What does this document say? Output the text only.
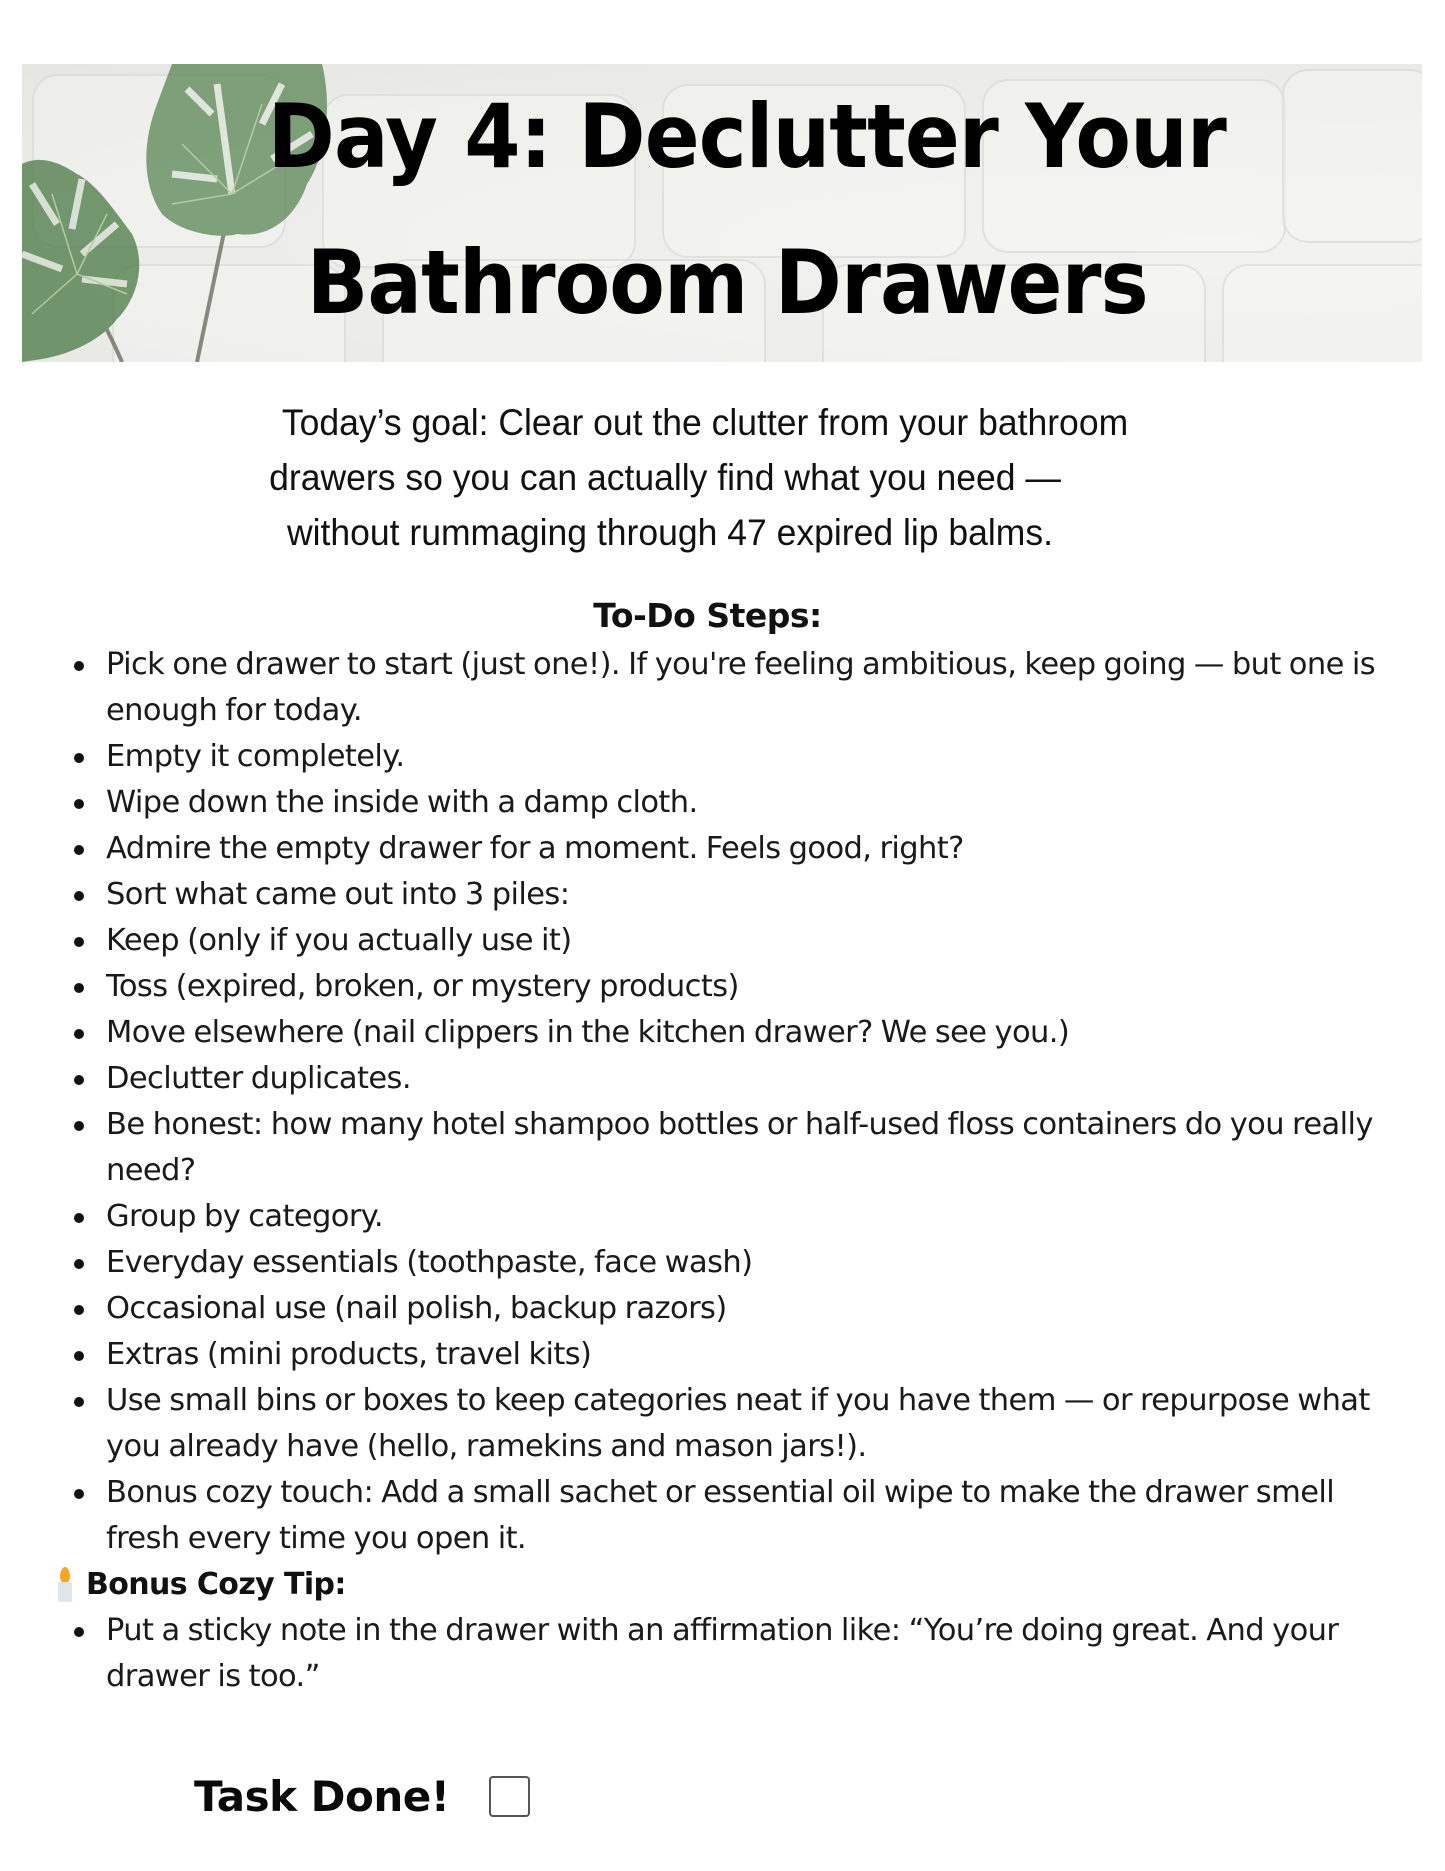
Day 4: Declutter Your
Bathroom Drawers
Today’s goal: Clear out the clutter from your bathroom
drawers so you can actually find what you need —
without rummaging through 47 expired lip balms.
To-Do Steps:
Pick one drawer to start (just one!). If you're feeling ambitious, keep going — but one is enough for today.
Empty it completely.
Wipe down the inside with a damp cloth.
Admire the empty drawer for a moment. Feels good, right?
Sort what came out into 3 piles:
Keep (only if you actually use it)
Toss (expired, broken, or mystery products)
Move elsewhere (nail clippers in the kitchen drawer? We see you.)
Declutter duplicates.
Be honest: how many hotel shampoo bottles or half-used floss containers do you really need?
Group by category.
Everyday essentials (toothpaste, face wash)
Occasional use (nail polish, backup razors)
Extras (mini products, travel kits)
Use small bins or boxes to keep categories neat if you have them — or repurpose what you already have (hello, ramekins and mason jars!).
Bonus cozy touch: Add a small sachet or essential oil wipe to make the drawer smell fresh every time you open it.
Bonus Cozy Tip:
Put a sticky note in the drawer with an affirmation like: “You’re doing great. And your drawer is too.”
Task Done!
